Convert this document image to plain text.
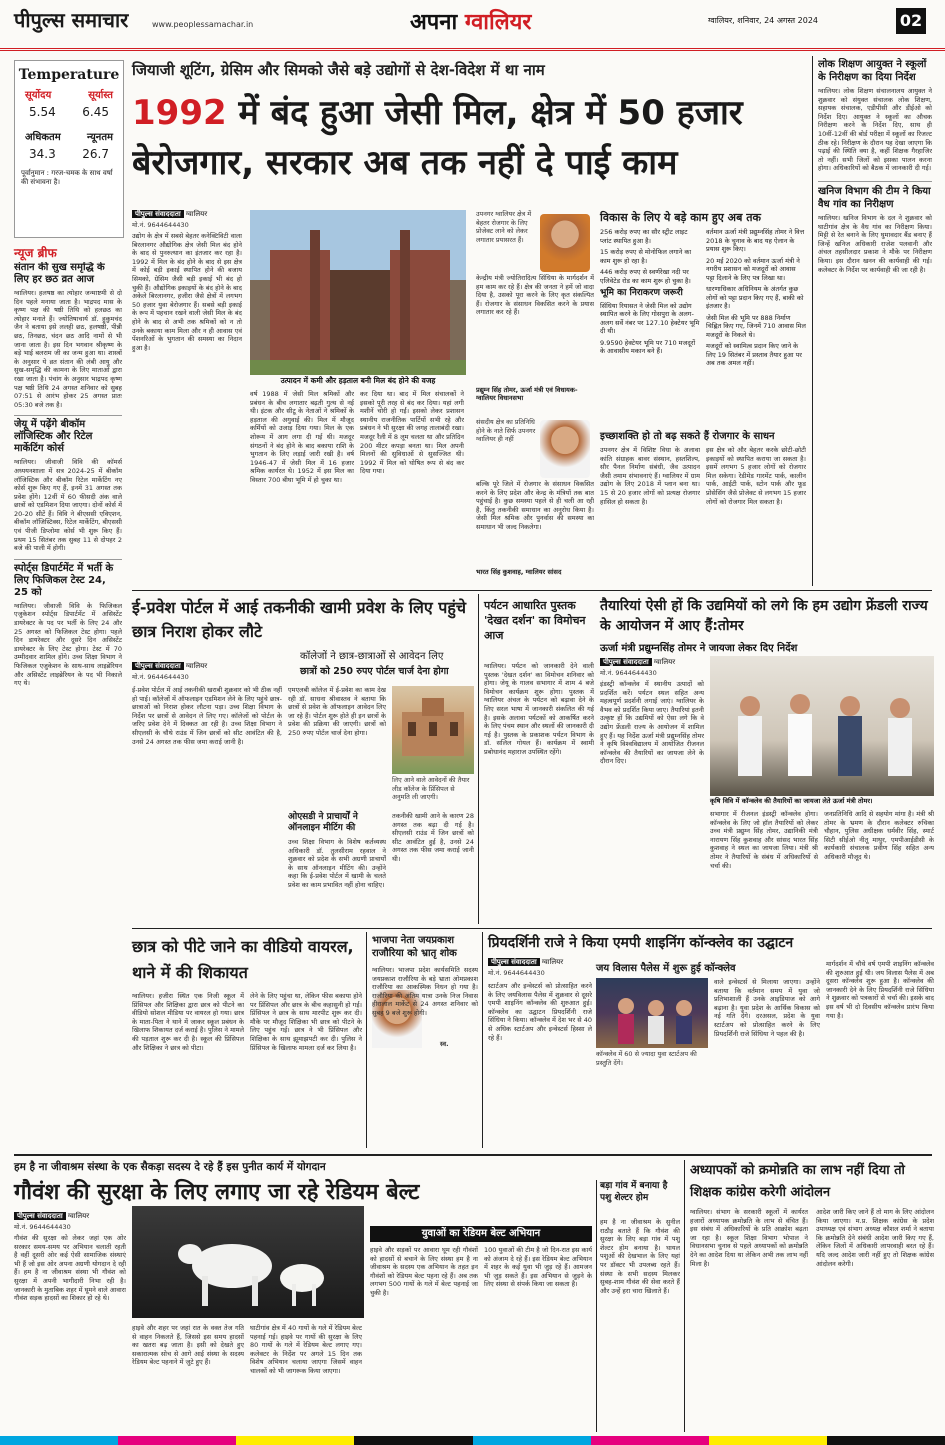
पीपुल्स समाचार	www.peoplessamachar.in	अपना ग्वालियर	ग्वालियर, शनिवार, 24 अगस्त 2024	02
Temperature
सूर्योदय	सूर्यास्त
5.54 6.45
अधिकतम	न्यूनतम
34.3 26.7
पूर्वानुमान : गरज-चमक के साथ वर्षा की संभावना है।
न्यूज ब्रीफ
संतान की सुख समृद्धि के लिए हर छठ व्रत आज
ग्वालियर। हलषष्ठ का त्योहार जन्माष्टमी से दो दिन पहले मनाया जाता है। भाद्रपद मास के कृष्ण पक्ष की षष्ठी तिथि को हलछठ का त्योहार मनाते हैं। ज्योतिषाचार्य डॉ. हुकुमचंद जैन ने बताया इसे ललही छठ, हलषष्ठी, पीन्नी छठ, तिनछठ, चंदन छठ आदि नामों से भी जाना जाता है। इस दिन भगवान श्रीकृष्ण के बड़े भाई बलराम जी का जन्म हुआ था। शास्त्रों के अनुसार ये व्रत संतान की लंबी आयु और सुख-समृद्धि की कामना के लिए माताओं द्वारा रखा जाता है। पंचांग के अनुसार भाद्रपद कृष्ण पक्ष षष्ठी तिथि 24 अगस्त शनिवार को सुबह 07:51 से आरंभ होकर 25 अगस्त प्रातः 05:30 बजे तक है।
जेयू में पढ़ेंगे बीकॉम लॉजिस्टिक और रिटेल मार्केटिंग कोर्स
ग्वालियर। जीवाजी विवि की कॉमर्स अध्ययनशाला में सत्र 2024-25 में बीकॉम लॉजिस्टिक और बीकॉम रिटेल मार्केटिंग नए कोर्स शुरू किए गए हैं, इनमें 31 अगस्त तक प्रवेश होंगे। 12वीं में 60 फीसदी अंक वाले छात्रों को एडमिशन दिया जाएगा। दोनों कोर्स में 20-20 सीटें हैं। विवि ने बीएससी एविएशन, बीकॉम लॉजिस्टिक्स, रिटेल मार्केटिंग, बीएससी एवं पीजी डिप्लोमा कोर्स भी शुरू किए हैं। प्रथम 15 सितंबर तक सुबह 11 से दोपहर 2 बजे की पाली में होगी।
स्पोर्ट्स डिपार्टमेंट में भर्ती के लिए फिजिकल टेस्ट 24, 25 को
ग्वालियर। जीवाजी विवि के फिजिकल एजुकेशन स्पोर्ट्स डिपार्टमेंट में असिस्टेंट डायरेक्टर के पद पर भर्ती के लिए 24 और 25 अगस्त को फिजिकल टेस्ट होगा। पहले दिन डायरेक्टर और दूसरे दिन असिस्टेंट डायरेक्टर के लिए टेस्ट होगा। टेस्ट में 70 उम्मीदवार शामिल होंगे। उच्च शिक्षा विभाग ने फिजिकल एजुकेशन के साथ-साथ लाइब्रेरियन और असिस्टेंट लाइब्रेरियन के पद भी निकाले गए थे।
जियाजी शूटिंग, ग्रेसिम और सिमको जैसे बड़े उद्योगों से देश-विदेश में था नाम
1992 में बंद हुआ जेसी मिल, क्षेत्र में 50 हजार बेरोजगार, सरकार अब तक नहीं दे पाई काम
पीपुल्स संवाददाता ग्वालियर
मो.नं. 9644644430
उद्योग के क्षेत्र में सबसे बेहतर कनेक्टिविटी वाला बिरलानगर औद्योगिक क्षेत्र जेसी मिल बंद होने के बाद से पुनरुत्थान का इंतजार कर रहा है। 1992 में मिल के बंद होने के बाद से इस क्षेत्र में कोई बड़ी इकाई स्थापित होने की बजाय सिमको, ग्रेसिम जैसी बड़ी इकाई भी बंद हो चुकी हैं। औद्योगिक इकाइयों के बंद होने के बाद अकेले बिरलानगर, हजीरा जैसे क्षेत्रों में लगभग 50 हजार युवा बेरोजगार हैं। सबसे बड़ी इकाई के रूप में पहचान रखने वाली जेसी मिल के बंद होने के बाद से अभी तक श्रमिकों को न तो उनके बकाया काम मिला और न ही आवास एवं पेंशनरिओं के भुगतान की समस्या का निदान हुआ है।
उत्पादन में कमी और हड़ताल बनी मिल बंद होने की वजह
वर्ष 1988 में जेसी मिल श्रमिकों और प्रबंधन के बीच लगातार बढ़ती गुत्थ से नई थी। इंटक और सीटू के नेताओं ने श्रमिकों के हड़ताल की अगुवाई की। मिल में मौजूद कर्मियों को उजाड़ दिया गया। मिल के एक शोरूम में आग लगा दी गई थी। मजदूर संगठनों ने बंद होने के बाद बकाया राशि के भुगतान के लिए लड़ाई जारी रखी है। वर्ष 1946-47 में जेसी मिल में 16 हजार श्रमिक कार्यरत थे। 1952 में इस मिल का विस्तार 700 बीघा भूमि में हो चुका था।
कर दिया था। बाद में मिल संचालकों ने इसको पूरी तरह से बंद कर दिया। यहां लगी मशीनें चोरी हो गईं। इसको लेकर प्रशासन स्थानीय राजनीतिक पार्टियों सभी रहे और प्रबंधन ने भी सुरक्षा की जगह तालाबंदी रखा। मजदूर रैली में 8 लूम चलता था और प्रतिदिन 200 मीटर कपड़ा बनता था। मिल अपनी मिलनों की सुविधाओं से सुसज्जित थी। 1992 में मिल को घोषित रूप से बंद कर दिया गया।
उपनगर ग्वालियर क्षेत्र में बेहतर रोजगार के लिए प्रोजेक्ट लाने को लेकर लगातार प्रयासरत हैं।
केन्द्रीय मंत्री ज्योतिरादित्य सिंधिया के मार्गदर्शन में हम काम कर रहे हैं। क्षेत्र की जनता ने हमें जो वादा दिया है, उसको पूरा करने के लिए कृत संकल्पित हैं। रोजगार के संसाधन विकसित करने के प्रयास लगातार कर रहे हैं।
प्रद्युम्न सिंह तोमर, ऊर्जा मंत्री एवं विधायक-ग्वालियर विधानसभा
संसदीय क्षेत्र का प्रतिनिधि होने के नाते सिर्फ उपनगर ग्वालियर ही नहीं
बल्कि पूरे जिले में रोजगार के संसाधन विकसित करने के लिए प्रदेश और केन्द्र के मंत्रियों तक बात पहुंचाई है। कुछ समस्या पहले से ही चली आ रही है, किंतु तकनीकी समाधान का अनुरोध किया है। जेसी मिल श्रमिक और पुनर्वास की समस्या का समाधान भी जल्द निकलेगा।
भारत सिंह कुशवाह, ग्वालियर सांसद
विकास के लिए ये बड़े काम हुए अब तक
256 करोड़ रुपए का सौर स्ट्रीट लाइट प्लांट स्थापित हुआ है।
15 करोड़ रुपए से मोनोफिल लगाने का काम शुरू हो रहा है।
446 करोड़ रुपए से स्वर्णरेखा नदी पर एलिवेटेड रोड का काम शुरू हो चुका है।
भूमि का निराकरण जरूरी
सिंधिया रियासत ने जेसी मिल को उद्योग स्थापित करने के लिए गोसपुरा के अलग-अलग सर्वे नंबर पर 127.10 हेक्टेयर भूमि दी थी।
9.9590 हेक्टेयर भूमि पर 710 मजदूरों के आवासीय मकान बने हैं।
वर्तमान ऊर्जा मंत्री प्रद्युम्नसिंह तोमर ने वित्त 2018 के चुनाव के बाद यह ऐलान के प्रयास शुरू किए।
20 मई 2020 को वर्तमान ऊर्जा मंत्री ने नगरीय प्रशासन को मजदूरों को आवास पट्टा दिलाने के लिए पत्र लिखा था।
धारणाधिकार अधिनियम के अंतर्गत कुछ लोगों को पट्टा प्रदान किए गए हैं, बाकी को इंतजार है।
जेसी मिल की भूमि पर 888 निर्माण चिह्नित किए गए, जिनमें 710 आवास मिल मजदूरों के निकले थे।
मजदूरों को स्वामित्व प्रदान किए जाने के लिए 19 सितंबर में प्रस्ताव तैयार हुआ पर अब तक अमल नहीं।
इच्छाशक्ति हो तो बढ़ सकते हैं रोजगार के साधन
उपनगर क्षेत्र में विशिष्ट विधा के अलावा कांति संग्राहक बावर संस्थान, हस्तशिल्प, सौर पैनल निर्माण संबंधी, जैव उत्पादन जैसी तमाम संभावनाएं हैं। ग्वालियर में ग्राम उद्योग के लिए 2018 में प्लान बना था। 15 से 20 हजार लोगों को प्रत्यक्ष रोजगार हासिल हो सकता है।
इस क्षेत्र को और बेहतर करके छोटी-छोटी इकाइयों को स्थापित कराया जा सकता है। इसमें लगभग 5 हजार लोगों को रोजगार मिल सकेगा। रेडीमेड गारमेंट पार्क, कालीन पार्क, आईटी पार्क, स्टोन पार्क और फूड प्रोसेसिंग जैसे प्रोजेक्ट से लगभग 15 हजार लोगों को रोजगार मिल सकता है।
लोक शिक्षण आयुक्त ने स्कूलों के निरीक्षण का दिया निर्देश
ग्वालियर। लोक शिक्षण संचालनालय आयुक्त ने शुक्रवार को संयुक्त संचालक लोक शिक्षण, सहायक संचालक, एडीपीसी और डीईओ को निर्देश दिए। आयुक्त ने स्कूलों का औचक निरीक्षण करने के निर्देश दिए, साथ ही 10वीं-12वीं की बोर्ड परीक्षा में स्कूलों का रिजल्ट ठीक रहे। निरीक्षण के दौरान यह देखा जाएगा कि पढ़ाई की स्थिति क्या है, कहीं शिक्षक गैरहाजिर तो नहीं। सभी जिलों को इसका पालन करना होगा। अधिकारियों को बैठक में जानकारी दी गई।
खनिज विभाग की टीम ने किया वैध गांव का निरीक्षण
ग्वालियर। खनिज विभाग के दल ने शुक्रवार को घाटीगांव क्षेत्र के वैध गांव का निरीक्षण किया। मिट्टी से रेत बनाने के लिए घुमावदार बैंड बनाए हैं जिन्हें खनिज अधिकारी राजेश पलवानी और अंचल तहसीलदार प्रकाश ने मौके पर निरीक्षण किया। इस दौरान खनन की कार्यवाही की गई। कलेक्टर के निर्देश पर कार्यवाही की जा रही है।
ई-प्रवेश पोर्टल में आई तकनीकी खामी प्रवेश के लिए पहुंचे छात्र निराश होकर लौटे
कॉलेजों ने छात्र-छात्राओं से आवेदन लिए
पीपुल्स संवाददाता ग्वालियर
मो.नं. 9644644430	छात्रों को 250 रुपए पोर्टल चार्ज देना होगा
ई-प्रवेश पोर्टल में आई तकनीकी खराबी शुक्रवार को भी ठीक नहीं हो पाई। कॉलेजों में ऑफलाइन एडमिशन लेने के लिए पहुंचे छात्र-छात्राओं को निराश होकर लौटना पड़ा। उच्च शिक्षा विभाग के निर्देश पर छात्रों से आवेदन ले लिए गए। कॉलेजों को पोर्टल के जरिए प्रवेश देने में दिक्कत आ रही है। उच्च शिक्षा विभाग ने सीएलसी के चौथे राउंड में जिन छात्रों को सीट आवंटित की है, उनसे 24 अगस्त तक फीस जमा कराई जानी है।
एमएलबी कॉलेज में ई-प्रवेश का काम देख रही डॉ. साधना श्रीवास्तव ने बताया कि छात्रों से प्रवेश के ऑफलाइन आवेदन लिए जा रहे हैं। पोर्टल शुरू होते ही इन छात्रों के प्रवेश की प्रक्रिया की जाएगी। छात्रों को 250 रुपए पोर्टल चार्ज देना होगा।
लिए आने वाले आवेदनों की तैयार लीड कॉलेज के प्रिंसिपल से अनुमति ली जाएगी।
ओएसडी ने प्राचार्यों ने ऑनलाइन मीटिंग की
उच्च शिक्षा विभाग के विशेष कर्तव्यस्थ अधिकारी डॉ. तुलसीराम रहवाल ने शुक्रवार को प्रदेश के सभी अग्रणी प्राचार्यों के साथ ऑनलाइन मीटिंग की। उन्होंने कहा कि ई-प्रवेश पोर्टल में खामी के चलते प्रवेश का काम प्रभावित नहीं होना चाहिए।
तकनीकी खामी आने के कारण 28 अगस्त तक बढ़ा दी गई है। सीएलसी राउंड में जिन छात्रों को सीट आवंटित हुई है, उनसे 24 अगस्त तक फीस जमा कराई जानी थी।
पर्यटन आधारित पुस्तक 'देखत दर्शन' का विमोचन आज
ग्वालियर। पर्यटन को जानकारी देने वाली पुस्तक 'देखत दर्शन' का विमोचन शनिवार को होगा। जेयू के गालव सभागार में शाम 4 बजे विमोचन कार्यक्रम शुरू होगा। पुस्तक में ग्वालियर अंचल के पर्यटन को बढ़ावा देने के लिए सरल भाषा में जानकारी संकलित की गई है। इसके अलावा पर्यटकों को आकर्षित करने के लिए पंचम स्थान और स्थलों की जानकारी दी गई है। पुस्तक के प्रकाशक पर्यटन विभाग के डॉ. सलिल गोयल हैं। कार्यक्रम में स्वामी प्रबोधानंद महाराज उपस्थित रहेंगे।
तैयारियां ऐसी हों कि उद्यमियों को लगे कि हम उद्योग फ्रेंडली राज्य के आयोजन में आए हैं:तोमर
ऊर्जा मंत्री प्रद्युम्नसिंह तोमर ने जायजा लेकर दिए निर्देश
पीपुल्स संवाददाता ग्वालियर
मो.नं. 9644644430
कृषि विवि में कॉन्क्लेव की तैयारियों का जायजा लेते ऊर्जा मंत्री तोमर।
इंडस्ट्री कॉन्क्लेव में स्थानीय उत्पादों को प्रदर्शित करें। पर्यटन स्थल सहित अन्य महत्वपूर्ण प्रदर्शनी लगाई जाएं। ग्वालियर के वैभव को प्रदर्शित किया जाए। तैयारियां इतनी उत्कृष्ट हों कि उद्यमियों को ऐसा लगे कि वे उद्योग फ्रेंडली राज्य के आयोजन में शामिल हुए हैं। यह निर्देश ऊर्जा मंत्री प्रद्युम्नसिंह तोमर ने कृषि विश्वविद्यालय में आयोजित रीजनल कॉन्क्लेव की तैयारियों का जायजा लेने के दौरान दिए।
सभागार में रीजनल इंडस्ट्री कॉन्क्लेव होगा। कॉन्क्लेव के लिए जो हॉल तैयारियों को लेकर उच्च मंत्री प्रद्युम्न सिंह तोमर, उद्यानिकी मंत्री नारायण सिंह कुशवाह और सांसद भारत सिंह कुशवाह ने स्थल का जायजा लिया। मंत्री श्री तोमर ने तैयारियों के संबंध में अधिकारियों से चर्चा की।
जनप्रतिनिधि आदि से सहयोग मांगा है। मंत्री श्री तोमर के भ्रमण के दौरान कलेक्टर रुचिका चौहान, पुलिस अधीक्षक धर्मवीर सिंह, स्मार्ट सिटी सीईओ नीतू माथुर, एमपीआईडीसी के कार्यकारी संचालक प्रवीण सिंह सहित अन्य अधिकारी मौजूद थे।
छात्र को पीटे जाने का वीडियो वायरल, थाने में की शिकायत
ग्वालियर। हजीरा स्थित एक निजी स्कूल में प्रिंसिपल और शिक्षिका द्वारा छात्र को पीटने का वीडियो सोशल मीडिया पर वायरल हो गया। छात्र के माता-पिता ने थाने में जाकर स्कूल प्रबंधन के खिलाफ शिकायत दर्ज कराई है। पुलिस ने मामले की पड़ताल शुरू कर दी है। स्कूल की प्रिंसिपल और शिक्षिका ने छात्र को पीटा।
लेने के लिए पहुंचा था, लेकिन फीस बकाया होने पर प्रिंसिपल और छात्र के बीच कहासुनी हो गई। प्रिंसिपल ने छात्र के साथ मारपीट शुरू कर दी। मौके पर मौजूद शिक्षिका भी छात्र को पीटने के लिए पहुंच गई। छात्र ने भी प्रिंसिपल और शिक्षिका के साथ झूमाझपटी कर दी। पुलिस ने प्रिंसिपल के खिलाफ मामला दर्ज कर लिया है।
भाजपा नेता जयप्रकाश राजौरिया को भ्रातृ शोक
स्व.
ग्वालियर। भाजपा प्रदेश कार्यसमिति सदस्य जयप्रकाश राजौरिया के बड़े भ्राता ओमप्रकाश राजौरिया का आकस्मिक निधन हो गया है। राजौरिया की अंतिम यात्रा उनके निज निवास हीरालाल मार्केट से 24 अगस्त शनिवार को सुबह 9 बजे शुरू होगी।
प्रियदर्शिनी राजे ने किया एमपी शाइनिंग कॉन्क्लेव का उद्घाटन
पीपुल्स संवाददाता ग्वालियर
मो.नं. 9644644430	जय विलास पैलेस में शुरू हुई कॉन्क्लेव
स्टार्टअप और इन्वेस्टर्स को प्रोत्साहित करने के लिए जयविलास पैलेस में शुक्रवार से दूसरे एमपी शाइनिंग कॉन्क्लेव की शुरुआत हुई। कॉन्क्लेव का उद्घाटन प्रियदर्शिनी राजे सिंधिया ने किया। कॉन्क्लेव में देश भर से 40 से अधिक स्टार्टअप और इन्वेस्टर्स हिस्सा ले रहे हैं।
कॉन्क्लेव में 60 से ज्यादा युवा स्टार्टअप की प्रस्तुति देंगे।
वाले इन्वेस्टर्स से मिलाया जाएगा। उन्होंने बताया कि वर्तमान समय में युवा जो प्रतिभाशाली हैं उनके आइडियाज को आगे बढ़ाना है। युवा प्रदेश के आर्थिक विकास को नई गति देंगे। दरअसल, प्रदेश के युवा स्टार्टअप को प्रोत्साहित करने के लिए प्रियदर्शिनी राजे सिंधिया ने पहल की है।
मार्गदर्शन में चौथे वर्ष एमपी शाइनिंग कॉन्क्लेव की शुरुआत हुई थी। जय विलास पैलेस में अब दूसरा कॉन्क्लेव शुरू हुआ है। कॉन्क्लेव की जानकारी देने के लिए प्रियदर्शिनी राजे सिंधिया ने शुक्रवार को पत्रकारों से चर्चा की। इसके बाद इस वर्ष भी दो दिवसीय कॉन्क्लेव प्रारंभ किया गया है।
हम है ना जीवाश्रम संस्था के एक सैकड़ा सदस्य दे रहे हैं इस पुनीत कार्य में योगदान
गौवंश की सुरक्षा के लिए लगाए जा रहे रेडियम बेल्ट
पीपुल्स संवाददाता ग्वालियर
मो.नं. 9644644430
गौवंश की सुरक्षा को लेकर जहां एक ओर सरकार समय-समय पर अभियान चलाती रहती है वहीं दूसरी ओर कई ऐसी सामाजिक संस्थाएं भी हैं जो इस ओर अपना अग्रणी योगदान दे रही हैं। हम है ना जीवाश्रम संस्था भी गौवंश को सुरक्षा में अपनी भागीदारी निभा रही है। जानकारी के मुताबिक शहर में घूमने वाले आवारा गौवंश सड़क हादसों का शिकार हो रहे थे।
हाइवे और शहर पर जहां रात के वक्त तेज गति से वाहन निकलते हैं, जिससे इस समय हादसों का खतरा बढ़ जाता है। इसी को देखते हुए सकारात्मक सोच से आगे आई संस्था के सदस्य रेडियम बेल्ट पहनाने में जुटे हुए हैं।
घाटीगांव क्षेत्र में 40 गायों के गले में रेडियम बेल्ट पहनाई गई। हाइवे पर गायों की सुरक्षा के लिए 80 गायों के गले में रेडियम बेल्ट लगाए गए। कलेक्टर के निर्देश पर अगले 15 दिन तक विशेष अभियान चलाया जाएगा जिसमें वाहन चालकों को भी जागरूक किया जाएगा।
युवाओं का रेडियम बेल्ट अभियान
हाइवे और सड़कों पर आवारा घूम रही गौवंशों को हादसों से बचाने के लिए संस्था हम है ना जीवाश्रम के सदस्य एक अभियान के तहत इन गौवंशों को रेडियम बेल्ट पहना रहे हैं। अब तक लगभग 500 गायों के गले में बेल्ट पहनाई जा चुकी है।
100 युवाओं की टीम है जो दिन-रात इस कार्य को अंजाम दे रहे हैं। इस रेडियम बेल्ट अभियान में शहर के कई युवा भी जुड़ रहे हैं। आमजन भी जुड़ सकते हैं। इस अभियान से जुड़ने के लिए संस्था से संपर्क किया जा सकता है।
बड़ा गांव में बनाया है पशु शेल्टर होम
हम है ना जीवाश्रम के सुनील राठौड़ बताते हैं कि गौवंश की सुरक्षा के लिए बड़ा गांव में पशु शेल्टर होम बनाया है। घायल पशुओं की देखभाल के लिए यहां पर डॉक्टर भी उपलब्ध रहते हैं। संस्था के सभी सदस्य मिलकर सुबह-शाम गौवंश की सेवा करते हैं और उन्हें हरा चारा खिलाते हैं।
अध्यापकों को क्रमोन्नति का लाभ नहीं दिया तो शिक्षक कांग्रेस करेगी आंदोलन
ग्वालियर। संभाग के सरकारी स्कूलों में कार्यरत हजारों अध्यापक क्रमोन्नति के लाभ से वंचित हैं। इस संबंध में अधिकारियों के प्रति आक्रोश बढ़ता जा रहा है। स्कूल शिक्षा विभाग भोपाल ने विधानसभा चुनाव से पहले अध्यापकों को क्रमोन्नति देने का आदेश दिया था लेकिन अभी तक लाभ नहीं मिला है।
आदेश जारी किए जाने हैं तो माग के लिए आंदोलन किया जाएगा। म.प्र. शिक्षक कांग्रेस के प्रदेश उपाध्यक्ष एवं संभाग अध्यक्ष कौशल शर्मा ने बताया कि क्रमोन्नति देने संबंधी आदेश जारी किए गए हैं, लेकिन जिलों में अधिकारी लापरवाही बरत रहे हैं। यदि जल्द आदेश जारी नहीं हुए तो शिक्षक कांग्रेस आंदोलन करेगी।
